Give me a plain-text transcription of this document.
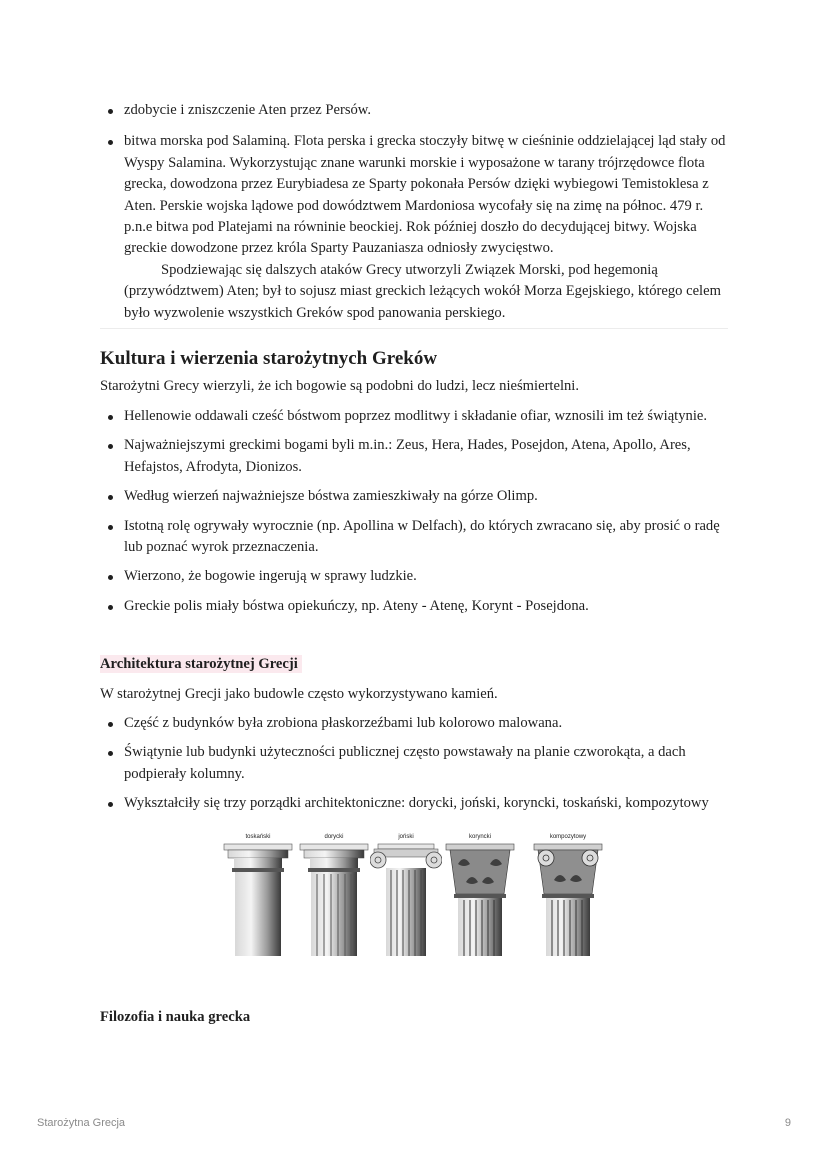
zdobycie i zniszczenie Aten przez Persów.
bitwa morska pod Salaminą. Flota perska i grecka stoczyły bitwę w cieśninie oddzielającej ląd stały od Wyspy Salamina. Wykorzystując znane warunki morskie i wyposażone w tarany trójrzędowce flota grecka, dowodzona przez Eurybiadesa ze Sparty pokonała Persów dzięki wybiegowi Temistoklesa z Aten. Perskie wojska lądowe pod dowództwem Mardoniosa wycofały się na zimę na północ. 479 r. p.n.e bitwa pod Platejami na równinie beockiej. Rok później doszło do decydującej bitwy. Wojska greckie dowodzone przez króla Sparty Pauzaniasza odniosły zwycięstwo.
Spodziewając się dalszych ataków Grecy utworzyli Związek Morski, pod hegemonią (przywództwem) Aten; był to sojusz miast greckich leżących wokół Morza Egejskiego, którego celem było wyzwolenie wszystkich Greków spod panowania perskiego.
Kultura i wierzenia starożytnych Greków

Starożytni Grecy wierzyli, że ich bogowie są podobni do ludzi, lecz nieśmiertelni.

Hellenowie oddawali cześć bóstwom poprzez modlitwy i składanie ofiar, wznosili im też świątynie.
Najważniejszymi greckimi bogami byli m.in.: Zeus, Hera, Hades, Posejdon, Atena, Apollo, Ares, Hefajstos, Afrodyta, Dionizos.
Według wierzeń najważniejsze bóstwa zamieszkiwały na górze Olimp.
Istotną rolę ogrywały wyrocznie (np. Apollina w Delfach), do których zwracano się, aby prosić o radę lub poznać wyrok przeznaczenia.
Wierzono, że bogowie ingerują w sprawy ludzkie.
Greckie polis miały bóstwa opiekuńczy, np. Ateny - Atenę, Korynt - Posejdona.
Architektura starożytnej Grecji

W starożytnej Grecji jako budowle często wykorzystywano kamień.

Część z budynków była zrobiona płaskorzeźbami lub kolorowo malowana.
Świątynie lub budynki użyteczności publicznej często powstawały na planie czworokąta, a dach podpierały kolumny.
Wykształciły się trzy porządki architektoniczne: dorycki, joński, koryncki, toskański, kompozytowy
toskański	dorycki	joński	koryncki	kompozytowy
Filozofia i nauka grecka
Starożytna Grecja	9
